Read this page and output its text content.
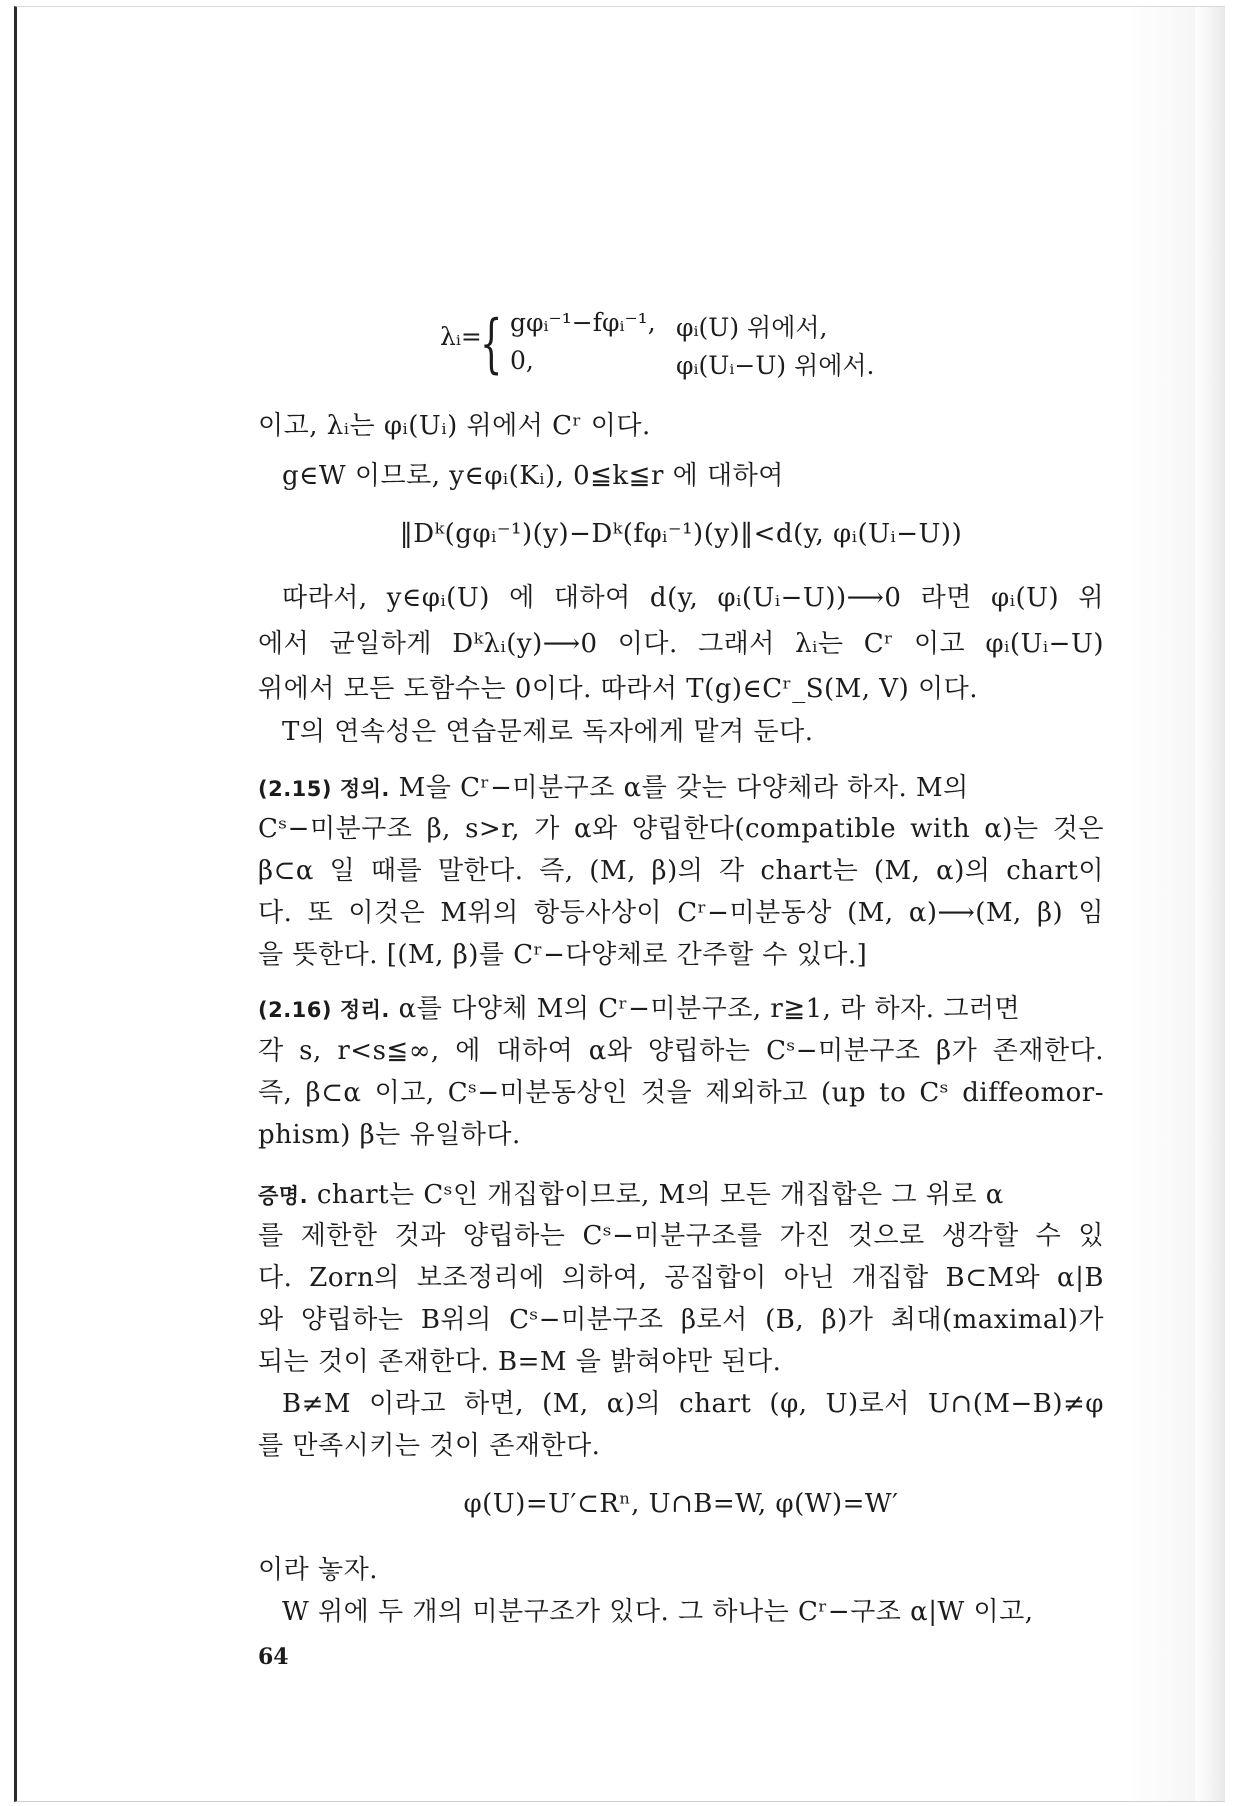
λᵢ=
{ gφᵢ⁻¹−fφᵢ⁻¹, φᵢ(U) 위에서,
0,	φᵢ(Uᵢ−U) 위에서.
이고, λᵢ는 φᵢ(Uᵢ) 위에서 Cʳ 이다.
g∈W 이므로, y∈φᵢ(Kᵢ), 0≦k≦r 에 대하여
‖Dᵏ(gφᵢ⁻¹)(y)−Dᵏ(fφᵢ⁻¹)(y)‖<d(y, φᵢ(Uᵢ−U))
따라서, y∈φᵢ(U) 에 대하여 d(y, φᵢ(Uᵢ−U))⟶0 라면 φᵢ(U) 위
에서 균일하게 Dᵏλᵢ(y)⟶0 이다. 그래서 λᵢ는 Cʳ 이고 φᵢ(Uᵢ−U)
위에서 모든 도함수는 0이다. 따라서 T(g)∈Cʳ_S(M, V) 이다.
T의 연속성은 연습문제로 독자에게 맡겨 둔다.
(2.15) 정의. M을 Cʳ−미분구조 α를 갖는 다양체라 하자. M의
Cˢ−미분구조 β, s>r, 가 α와 양립한다(compatible with α)는 것은
β⊂α 일 때를 말한다. 즉, (M, β)의 각 chart는 (M, α)의 chart이
다. 또 이것은 M위의 항등사상이 Cʳ−미분동상 (M, α)⟶(M, β) 임
을 뜻한다. [(M, β)를 Cʳ−다양체로 간주할 수 있다.]
(2.16) 정리. α를 다양체 M의 Cʳ−미분구조, r≧1, 라 하자. 그러면
각 s, r<s≦∞, 에 대하여 α와 양립하는 Cˢ−미분구조 β가 존재한다.
즉, β⊂α 이고, Cˢ−미분동상인 것을 제외하고 (up to Cˢ diffeomor-
phism) β는 유일하다.
증명. chart는 Cˢ인 개집합이므로, M의 모든 개집합은 그 위로 α
를 제한한 것과 양립하는 Cˢ−미분구조를 가진 것으로 생각할 수 있
다. Zorn의 보조정리에 의하여, 공집합이 아닌 개집합 B⊂M와 α|B
와 양립하는 B위의 Cˢ−미분구조 β로서 (B, β)가 최대(maximal)가
되는 것이 존재한다. B=M 을 밝혀야만 된다.
B≠M 이라고 하면, (M, α)의 chart (φ, U)로서 U∩(M−B)≠φ
를 만족시키는 것이 존재한다.
φ(U)=U′⊂Rⁿ, U∩B=W, φ(W)=W′
이라 놓자.
W 위에 두 개의 미분구조가 있다. 그 하나는 Cʳ−구조 α|W 이고,
64
